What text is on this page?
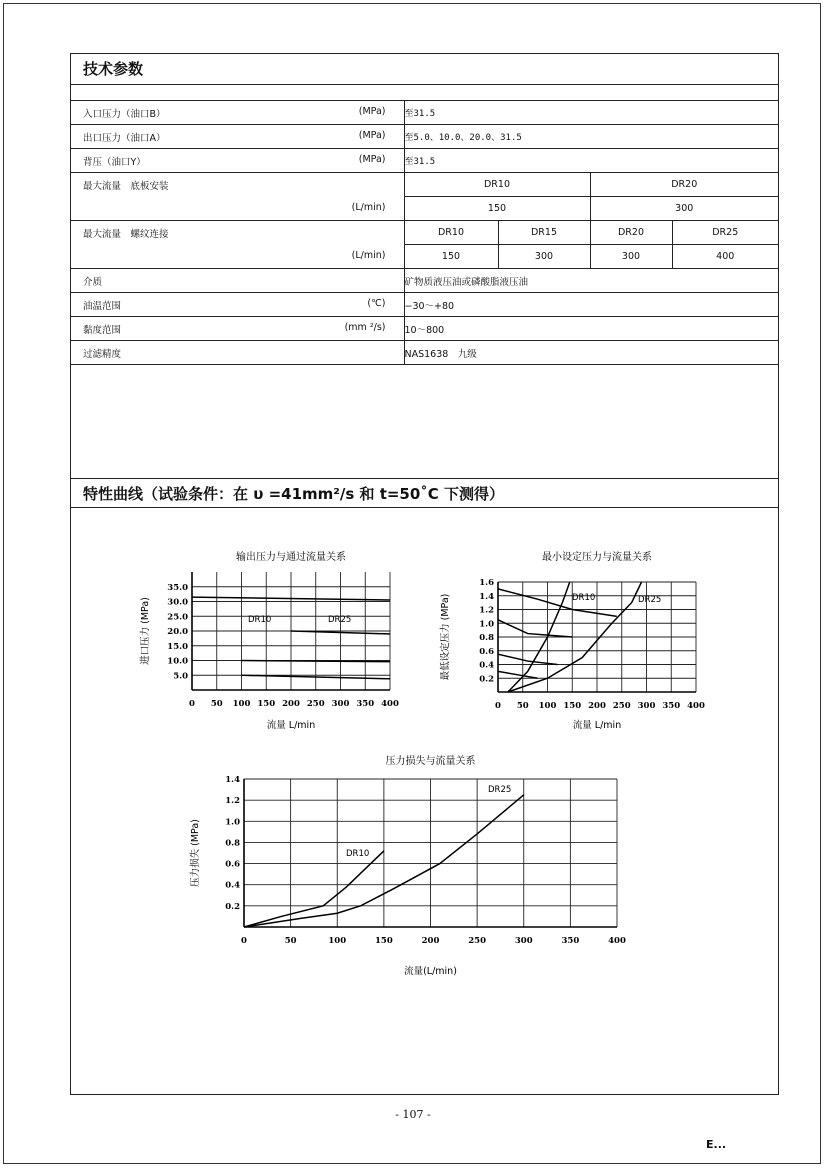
技术参数
入口压力（油口B） (MPa)	至31.5			

出口压力（油口A） (MPa)	至5.0、10.0、20.0、31.5			

背压（油口Y） (MPa)	至31.5			

最大流量　底板安装
(L/min)	DR10		DR20	
	150		300	

最大流量　螺纹连接
(L/min)	DR10	DR15	DR20	DR25
	150	300	300	400

介质	矿物质液压油或磷酸脂液压油			

油温范围 (℃)	−30～+80			

黏度范围 (mm ²/s)	10～800			

过滤精度	NAS1638　九级			
特性曲线（试验条件：在 υ =41mm²/s 和 t=50˚C 下测得）
输出压力与通过流量关系
0 50 100 150 200 250 300 350 400
5.0
10.0
15.0
20.0
25.0
30.0
35.0
流量 L/min
进口压力 (MPa)	DR10	DR25
最小设定压力与流量关系
0 50 100 150 200 250 300 350 400
0.2
0.4
0.6
0.8
1.0
1.2
1.4
1.6
流量 L/min
最低设定压力 (MPa)	DR10	DR25
压力损失与流量关系
0	50	100	150	200	250	300	350	400
0.2
0.4
0.6
0.8
1.0
1.2
1.4
流量(L/min)
压力损失 (MPa)	DR10
DR25
- 107 -
E...
